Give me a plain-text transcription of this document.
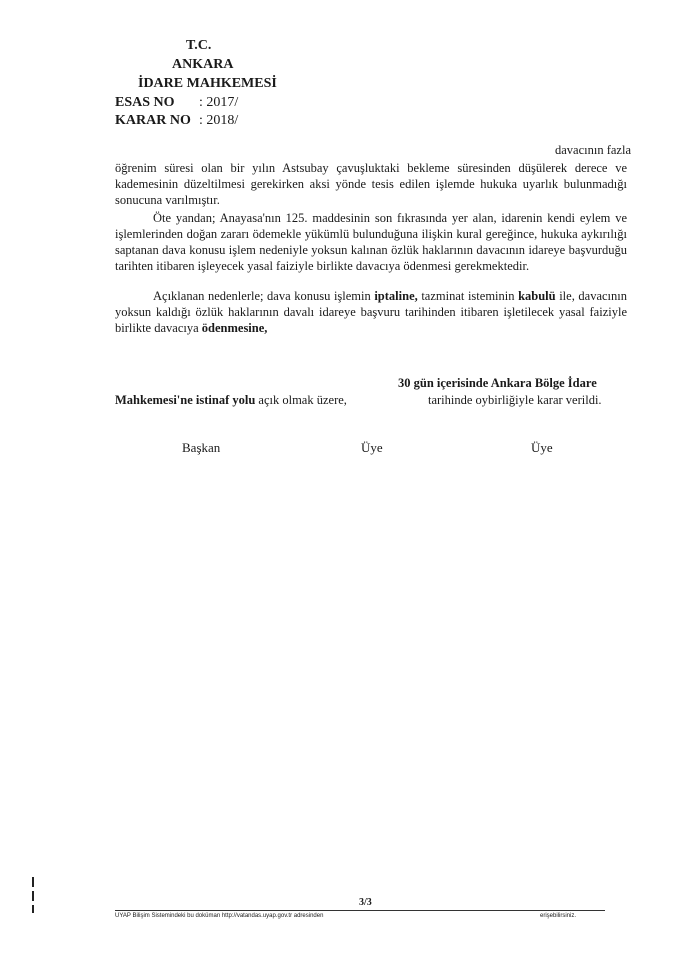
T.C.
ANKARA
İDARE MAHKEMESİ
ESAS NO : 2017/
KARAR NO : 2018/
davacının fazla

öğrenim süresi olan bir yılın Astsubay çavuşluktaki bekleme süresinden düşülerek derece ve kademesinin düzeltilmesi gerekirken aksi yönde tesis edilen işlemde hukuka uyarlık bulunmadığı sonucuna varılmıştır.

Öte yandan; Anayasa'nın 125. maddesinin son fıkrasında yer alan, idarenin kendi eylem ve işlemlerinden doğan zararı ödemekle yükümlü bulunduğuna ilişkin kural gereğince, hukuka aykırılığı saptanan dava konusu işlem nedeniyle yoksun kalınan özlük haklarının davacının idareye başvurduğu tarihten itibaren işleyecek yasal faiziyle birlikte davacıya ödenmesi gerekmektedir.

Açıklanan nedenlerle; dava konusu işlemin iptaline, tazminat isteminin kabulü ile, davacının yoksun kaldığı özlük haklarının davalı idareye başvuru tarihinden itibaren işletilecek yasal faiziyle birlikte davacıya ödenmesine,

30 gün içerisinde Ankara Bölge İdare
Mahkemesi'ne istinaf yolu açık olmak üzere,	tarihinde oybirliğiyle karar verildi.
Başkan	Üye	Üye
3/3
UYAP Bilişim Sistemindeki bu doküman http://vatandas.uyap.gov.tr adresinden	erişebilirsiniz.
